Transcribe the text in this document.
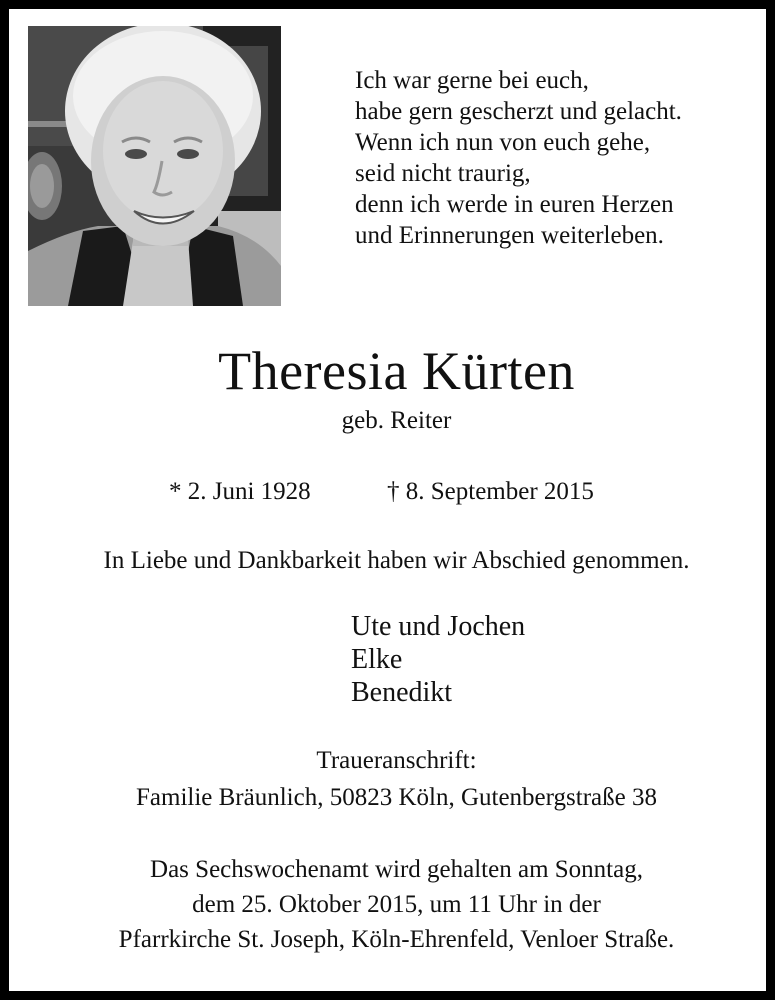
Ich war gerne bei euch,
habe gern gescherzt und gelacht.
Wenn ich nun von euch gehe,
seid nicht traurig,
denn ich werde in euren Herzen
und Erinnerungen weiterleben.
Theresia Kürten
geb. Reiter
* 2. Juni 1928	† 8. September 2015
In Liebe und Dankbarkeit haben wir Abschied genommen.
Ute und Jochen
Elke
Benedikt
Traueranschrift:
Familie Bräunlich, 50823 Köln, Gutenbergstraße 38
Das Sechswochenamt wird gehalten am Sonntag,
dem 25. Oktober 2015, um 11 Uhr in der
Pfarrkirche St. Joseph, Köln-Ehrenfeld, Venloer Straße.
